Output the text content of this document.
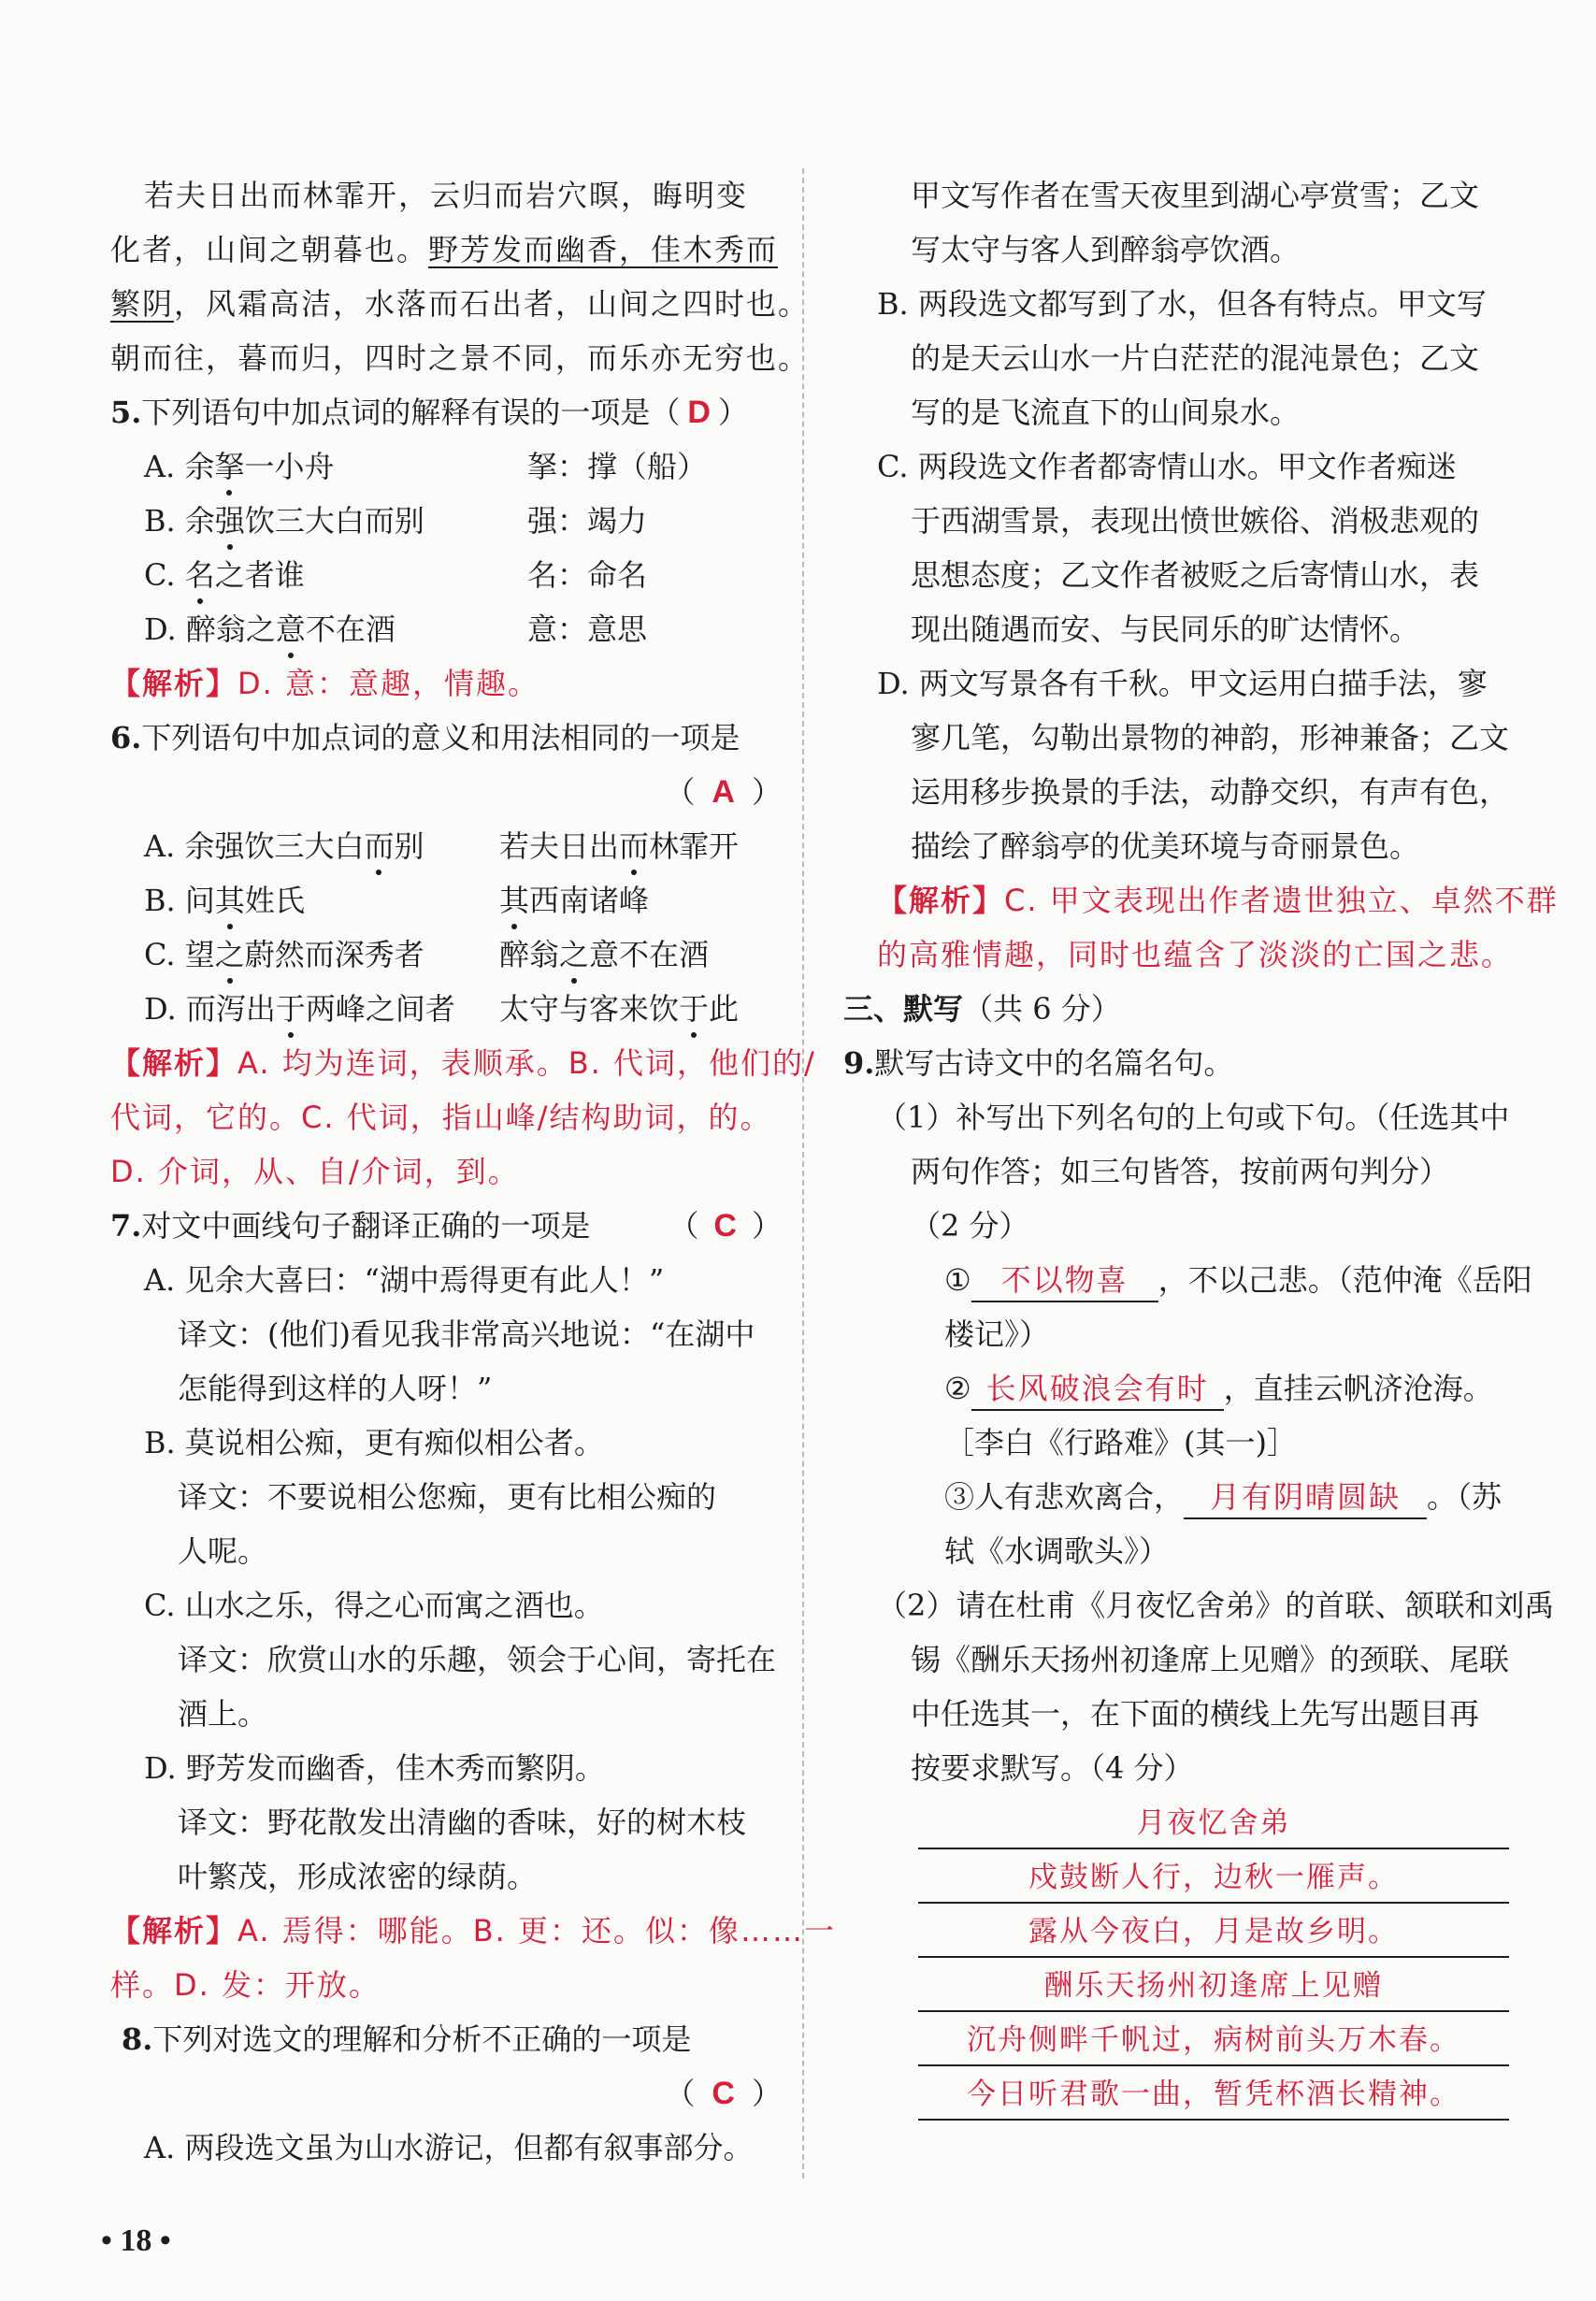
若夫日出而林霏开，云归而岩穴暝，晦明变
化者，山间之朝暮也。野芳发而幽香，佳木秀而
繁阴，风霜高洁，水落而石出者，山间之四时也。
朝而往，暮而归，四时之景不同，而乐亦无穷也。
5.下列语句中加点词的解释有误的一项是（ D ）
A. 余拏一小舟	拏：撑（船）
B. 余强饮三大白而别	强：竭力
C. 名之者谁	名：命名
D. 醉翁之意不在酒	意：意思
【解析】D. 意：意趣，情趣。
6.下列语句中加点词的意义和用法相同的一项是
（ A ）
A. 余强饮三大白而别	若夫日出而林霏开
B. 问其姓氏	其西南诸峰
C. 望之蔚然而深秀者	醉翁之意不在酒
D. 而泻出于两峰之间者	太守与客来饮于此
【解析】A. 均为连词，表顺承。B. 代词，他们的/
代词，它的。C. 代词，指山峰/结构助词，的。
D. 介词，从、自/介词，到。
7.对文中画线句子翻译正确的一项是	（ C ）
A. 见余大喜曰：“湖中焉得更有此人！”
译文：(他们)看见我非常高兴地说：“在湖中
怎能得到这样的人呀！”
B. 莫说相公痴，更有痴似相公者。
译文：不要说相公您痴，更有比相公痴的
人呢。
C. 山水之乐，得之心而寓之酒也。
译文：欣赏山水的乐趣，领会于心间，寄托在
酒上。
D. 野芳发而幽香，佳木秀而繁阴。
译文：野花散发出清幽的香味，好的树木枝
叶繁茂，形成浓密的绿荫。
【解析】A. 焉得：哪能。B. 更：还。似：像……一
样。D. 发：开放。
8.下列对选文的理解和分析不正确的一项是
（ C ）
A. 两段选文虽为山水游记，但都有叙事部分。
甲文写作者在雪天夜里到湖心亭赏雪；乙文
写太守与客人到醉翁亭饮酒。
B. 两段选文都写到了水，但各有特点。甲文写
的是天云山水一片白茫茫的混沌景色；乙文
写的是飞流直下的山间泉水。
C. 两段选文作者都寄情山水。甲文作者痴迷
于西湖雪景，表现出愤世嫉俗、消极悲观的
思想态度；乙文作者被贬之后寄情山水，表
现出随遇而安、与民同乐的旷达情怀。
D. 两文写景各有千秋。甲文运用白描手法，寥
寥几笔，勾勒出景物的神韵，形神兼备；乙文
运用移步换景的手法，动静交织，有声有色，
描绘了醉翁亭的优美环境与奇丽景色。
【解析】C. 甲文表现出作者遗世独立、卓然不群
的高雅情趣，同时也蕴含了淡淡的亡国之悲。
三、默写（共 6 分）
9.默写古诗文中的名篇名句。
（1）补写出下列名句的上句或下句。（任选其中
两句作答；如三句皆答，按前两句判分）
（2 分）
① 不以物喜 ，不以己悲。（范仲淹《岳阳
楼记》）
② 长风破浪会有时 ，直挂云帆济沧海。
［李白《行路难》(其一)］
③人有悲欢离合， 月有阴晴圆缺 。（苏
轼《水调歌头》）
（2）请在杜甫《月夜忆舍弟》的首联、颔联和刘禹
锡《酬乐天扬州初逢席上见赠》的颈联、尾联
中任选其一，在下面的横线上先写出题目再
按要求默写。（4 分）
月夜忆舍弟
戍鼓断人行，边秋一雁声。
露从今夜白，月是故乡明。
酬乐天扬州初逢席上见赠
沉舟侧畔千帆过，病树前头万木春。
今日听君歌一曲，暂凭杯酒长精神。
• 18 •
